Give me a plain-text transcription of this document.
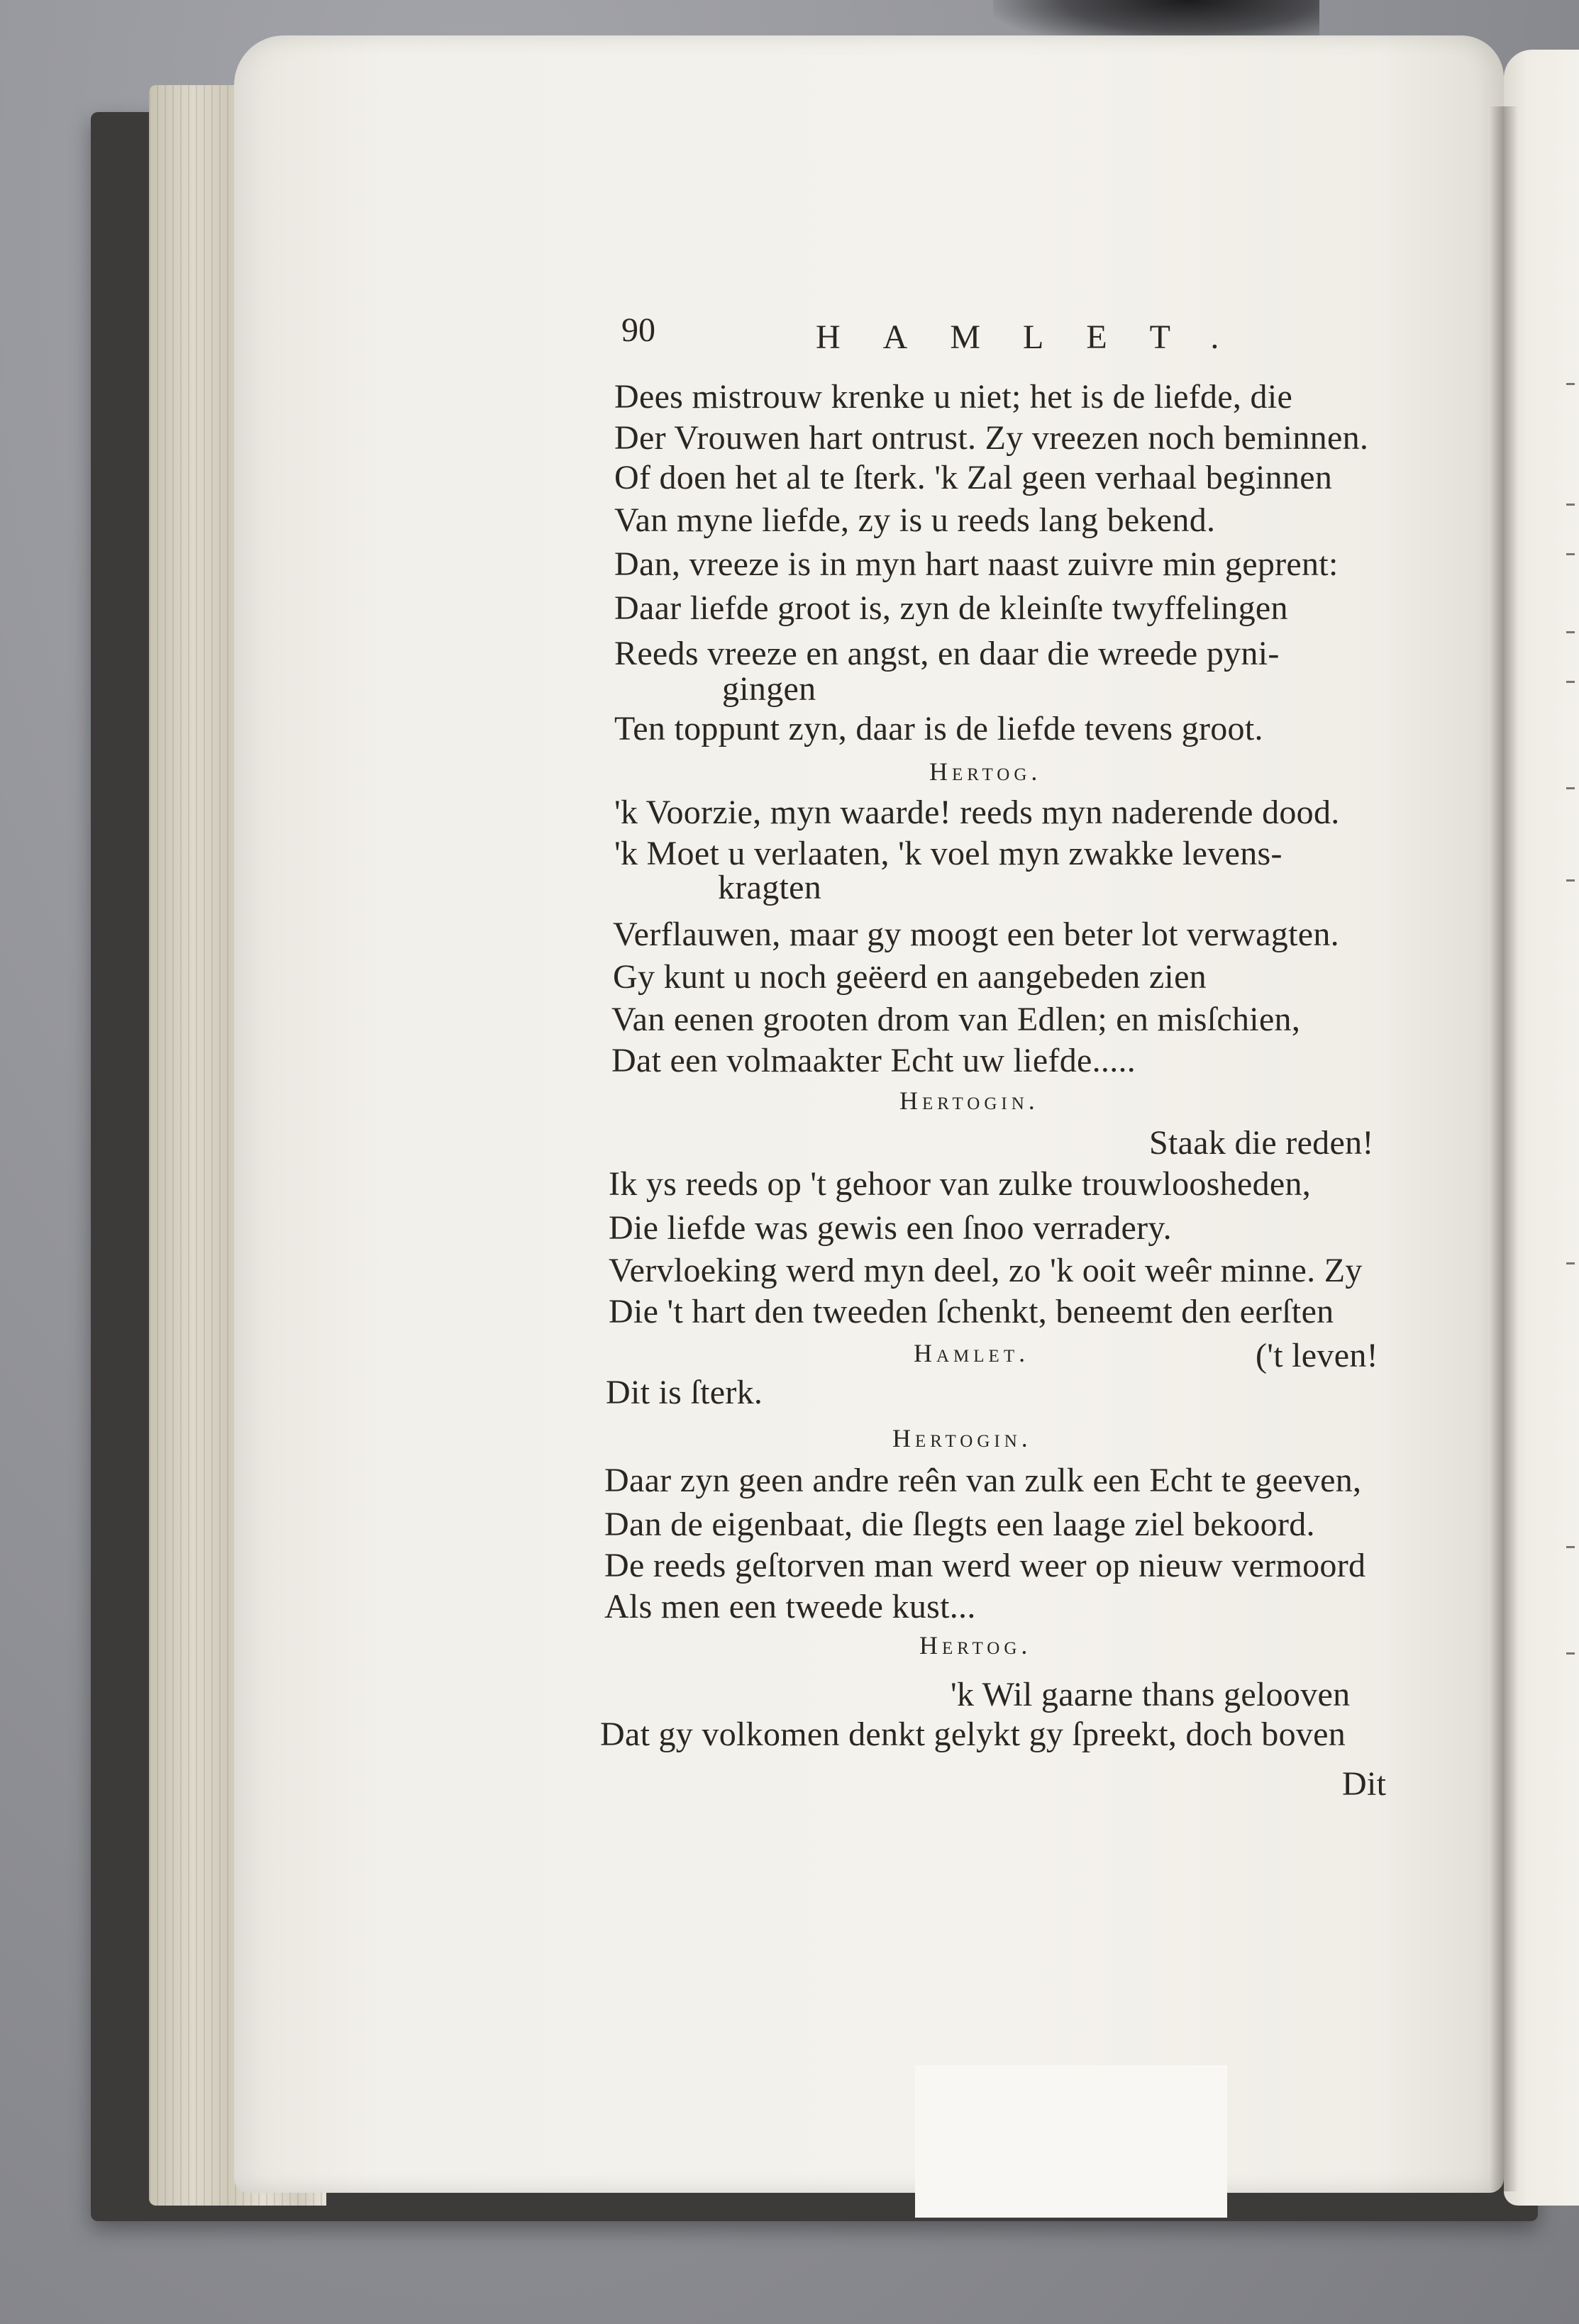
90	HAMLET.
Dees mistrouw krenke u niet; het is de liefde, die
Der Vrouwen hart ontrust. Zy vreezen noch beminnen.
Of doen het al te ſterk. 'k Zal geen verhaal beginnen
Van myne liefde, zy is u reeds lang bekend.
Dan, vreeze is in myn hart naast zuivre min geprent:
Daar liefde groot is, zyn de kleinſte twyffelingen
Reeds vreeze en angst, en daar die wreede pyni-
gingen
Ten toppunt zyn, daar is de liefde tevens groot.
Hertog.
'k Voorzie, myn waarde! reeds myn naderende dood.
'k Moet u verlaaten, 'k voel myn zwakke levens-
kragten
Verflauwen, maar gy moogt een beter lot verwagten.
Gy kunt u noch geëerd en aangebeden zien
Van eenen grooten drom van Edlen; en misſchien,
Dat een volmaakter Echt uw liefde.....
Hertogin.
Staak die reden!
Ik ys reeds op 't gehoor van zulke trouwloosheden,
Die liefde was gewis een ſnoo verradery.
Vervloeking werd myn deel, zo 'k ooit weêr minne. Zy
Die 't hart den tweeden ſchenkt, beneemt den eerſten
Hamlet.	('t leven!
Dit is ſterk.
Hertogin.
Daar zyn geen andre reên van zulk een Echt te geeven,
Dan de eigenbaat, die ſlegts een laage ziel bekoord.
De reeds geſtorven man werd weer op nieuw vermoord
Als men een tweede kust...
Hertog.
'k Wil gaarne thans gelooven
Dat gy volkomen denkt gelykt gy ſpreekt, doch boven
Dit
